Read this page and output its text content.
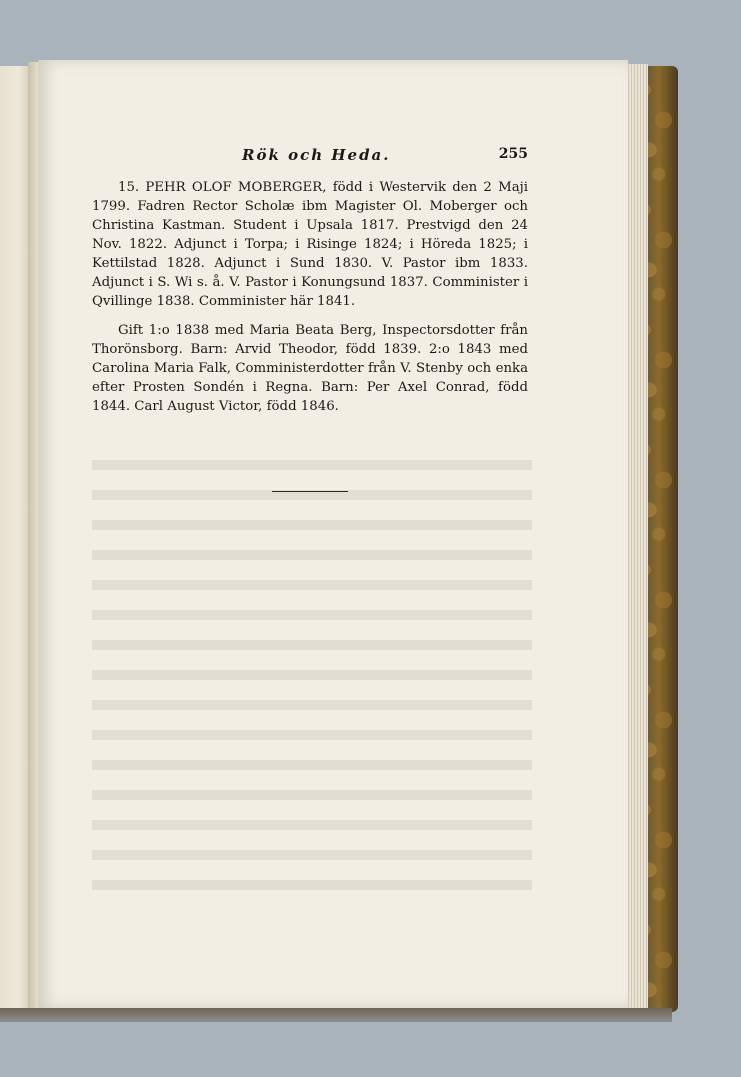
Rök och Heda.	255

15. PEHR OLOF MOBERGER, född i Westervik den 2 Maji 1799. Fadren Rector Scholæ ibm Magister Ol. Moberger och Christina Kastman. Student i Upsala 1817. Prestvigd den 24 Nov. 1822. Adjunct i Torpa; i Risinge 1824; i Höreda 1825; i Kettilstad 1828. Adjunct i Sund 1830. V. Pastor ibm 1833. Adjunct i S. Wi s. å. V. Pastor i Konungsund 1837. Comminister i Qvillinge 1838. Comminister här 1841.

Gift 1:o 1838 med Maria Beata Berg, Inspectorsdotter från Thorönsborg. Barn: Arvid Theodor, född 1839. 2:o 1843 med Carolina Maria Falk, Comministerdotter från V. Stenby och enka efter Prosten Sondén i Regna. Barn: Per Axel Conrad, född 1844. Carl August Victor, född 1846.
